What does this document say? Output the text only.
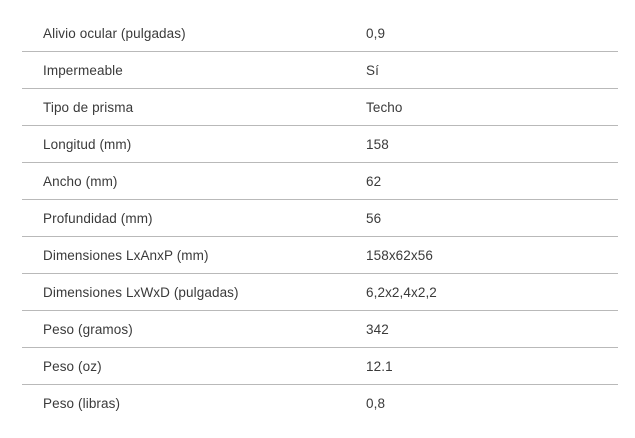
Alivio ocular (pulgadas)	0,9
Impermeable	Sí
Tipo de prisma	Techo
Longitud (mm)	158
Ancho (mm)	62
Profundidad (mm)	56
Dimensiones LxAnxP (mm)	158x62x56
Dimensiones LxWxD (pulgadas)	6,2x2,4x2,2
Peso (gramos)	342
Peso (oz)	12.1
Peso (libras)	0,8
